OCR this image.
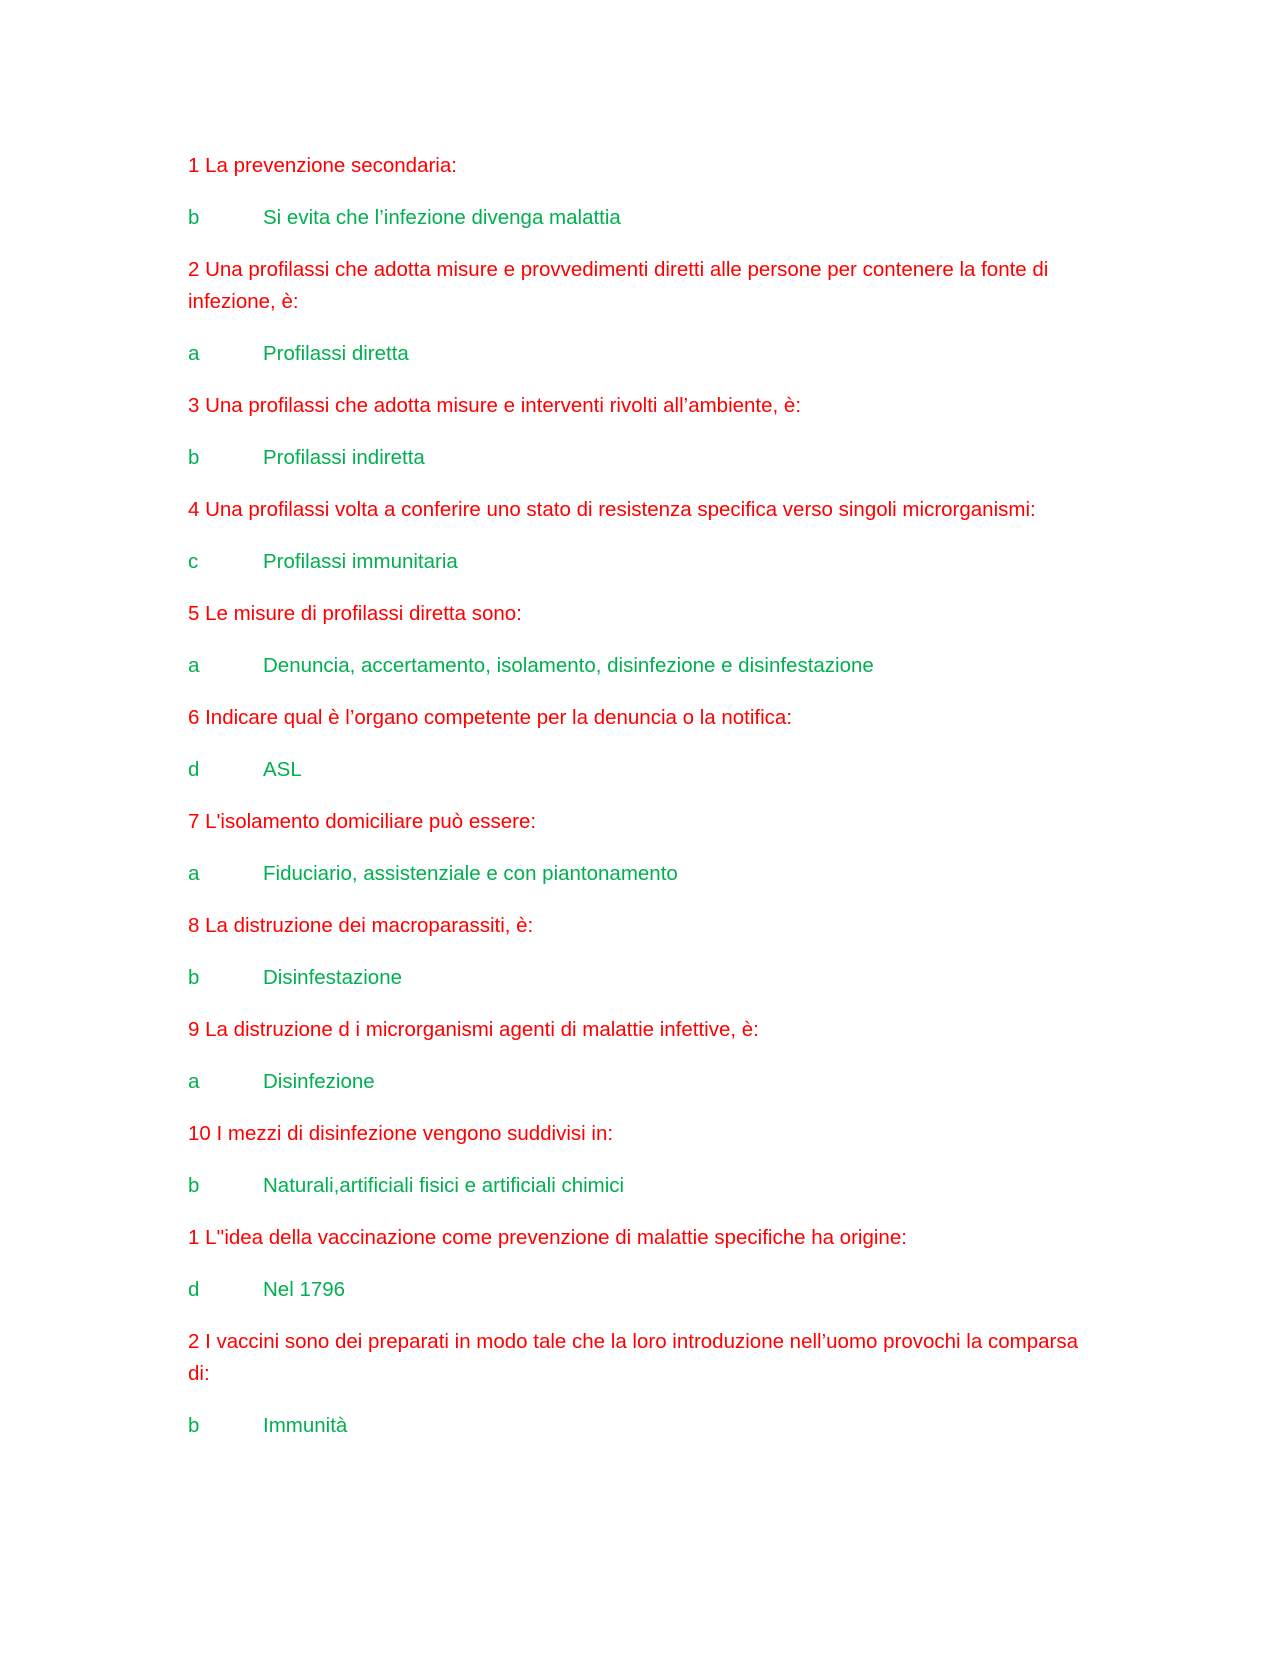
1 La prevenzione secondaria:

b	Si evita che l’infezione divenga malattia

2 Una profilassi che adotta misure e provvedimenti diretti alle persone per contenere la fonte di infezione, è:

a	Profilassi diretta

3 Una profilassi che adotta misure e interventi rivolti all’ambiente, è:

b	Profilassi indiretta

4 Una profilassi volta a conferire uno stato di resistenza specifica verso singoli microrganismi:

c	Profilassi immunitaria

5 Le misure di profilassi diretta sono:

a	Denuncia, accertamento, isolamento, disinfezione e disinfestazione

6 Indicare qual è l’organo competente per la denuncia o la notifica:

d	ASL

7 L'isolamento domiciliare può essere:

a	Fiduciario, assistenziale e con piantonamento

8 La distruzione dei macroparassiti, è:

b	Disinfestazione

9 La distruzione d i microrganismi agenti di malattie infettive, è:

a	Disinfezione

10 I mezzi di disinfezione vengono suddivisi in:

b	Naturali,artificiali fisici e artificiali chimici

1 L''idea della vaccinazione come prevenzione di malattie specifiche ha origine:

d	Nel 1796

2 I vaccini sono dei preparati in modo tale che la loro introduzione nell’uomo provochi la comparsa di:

b	Immunità
